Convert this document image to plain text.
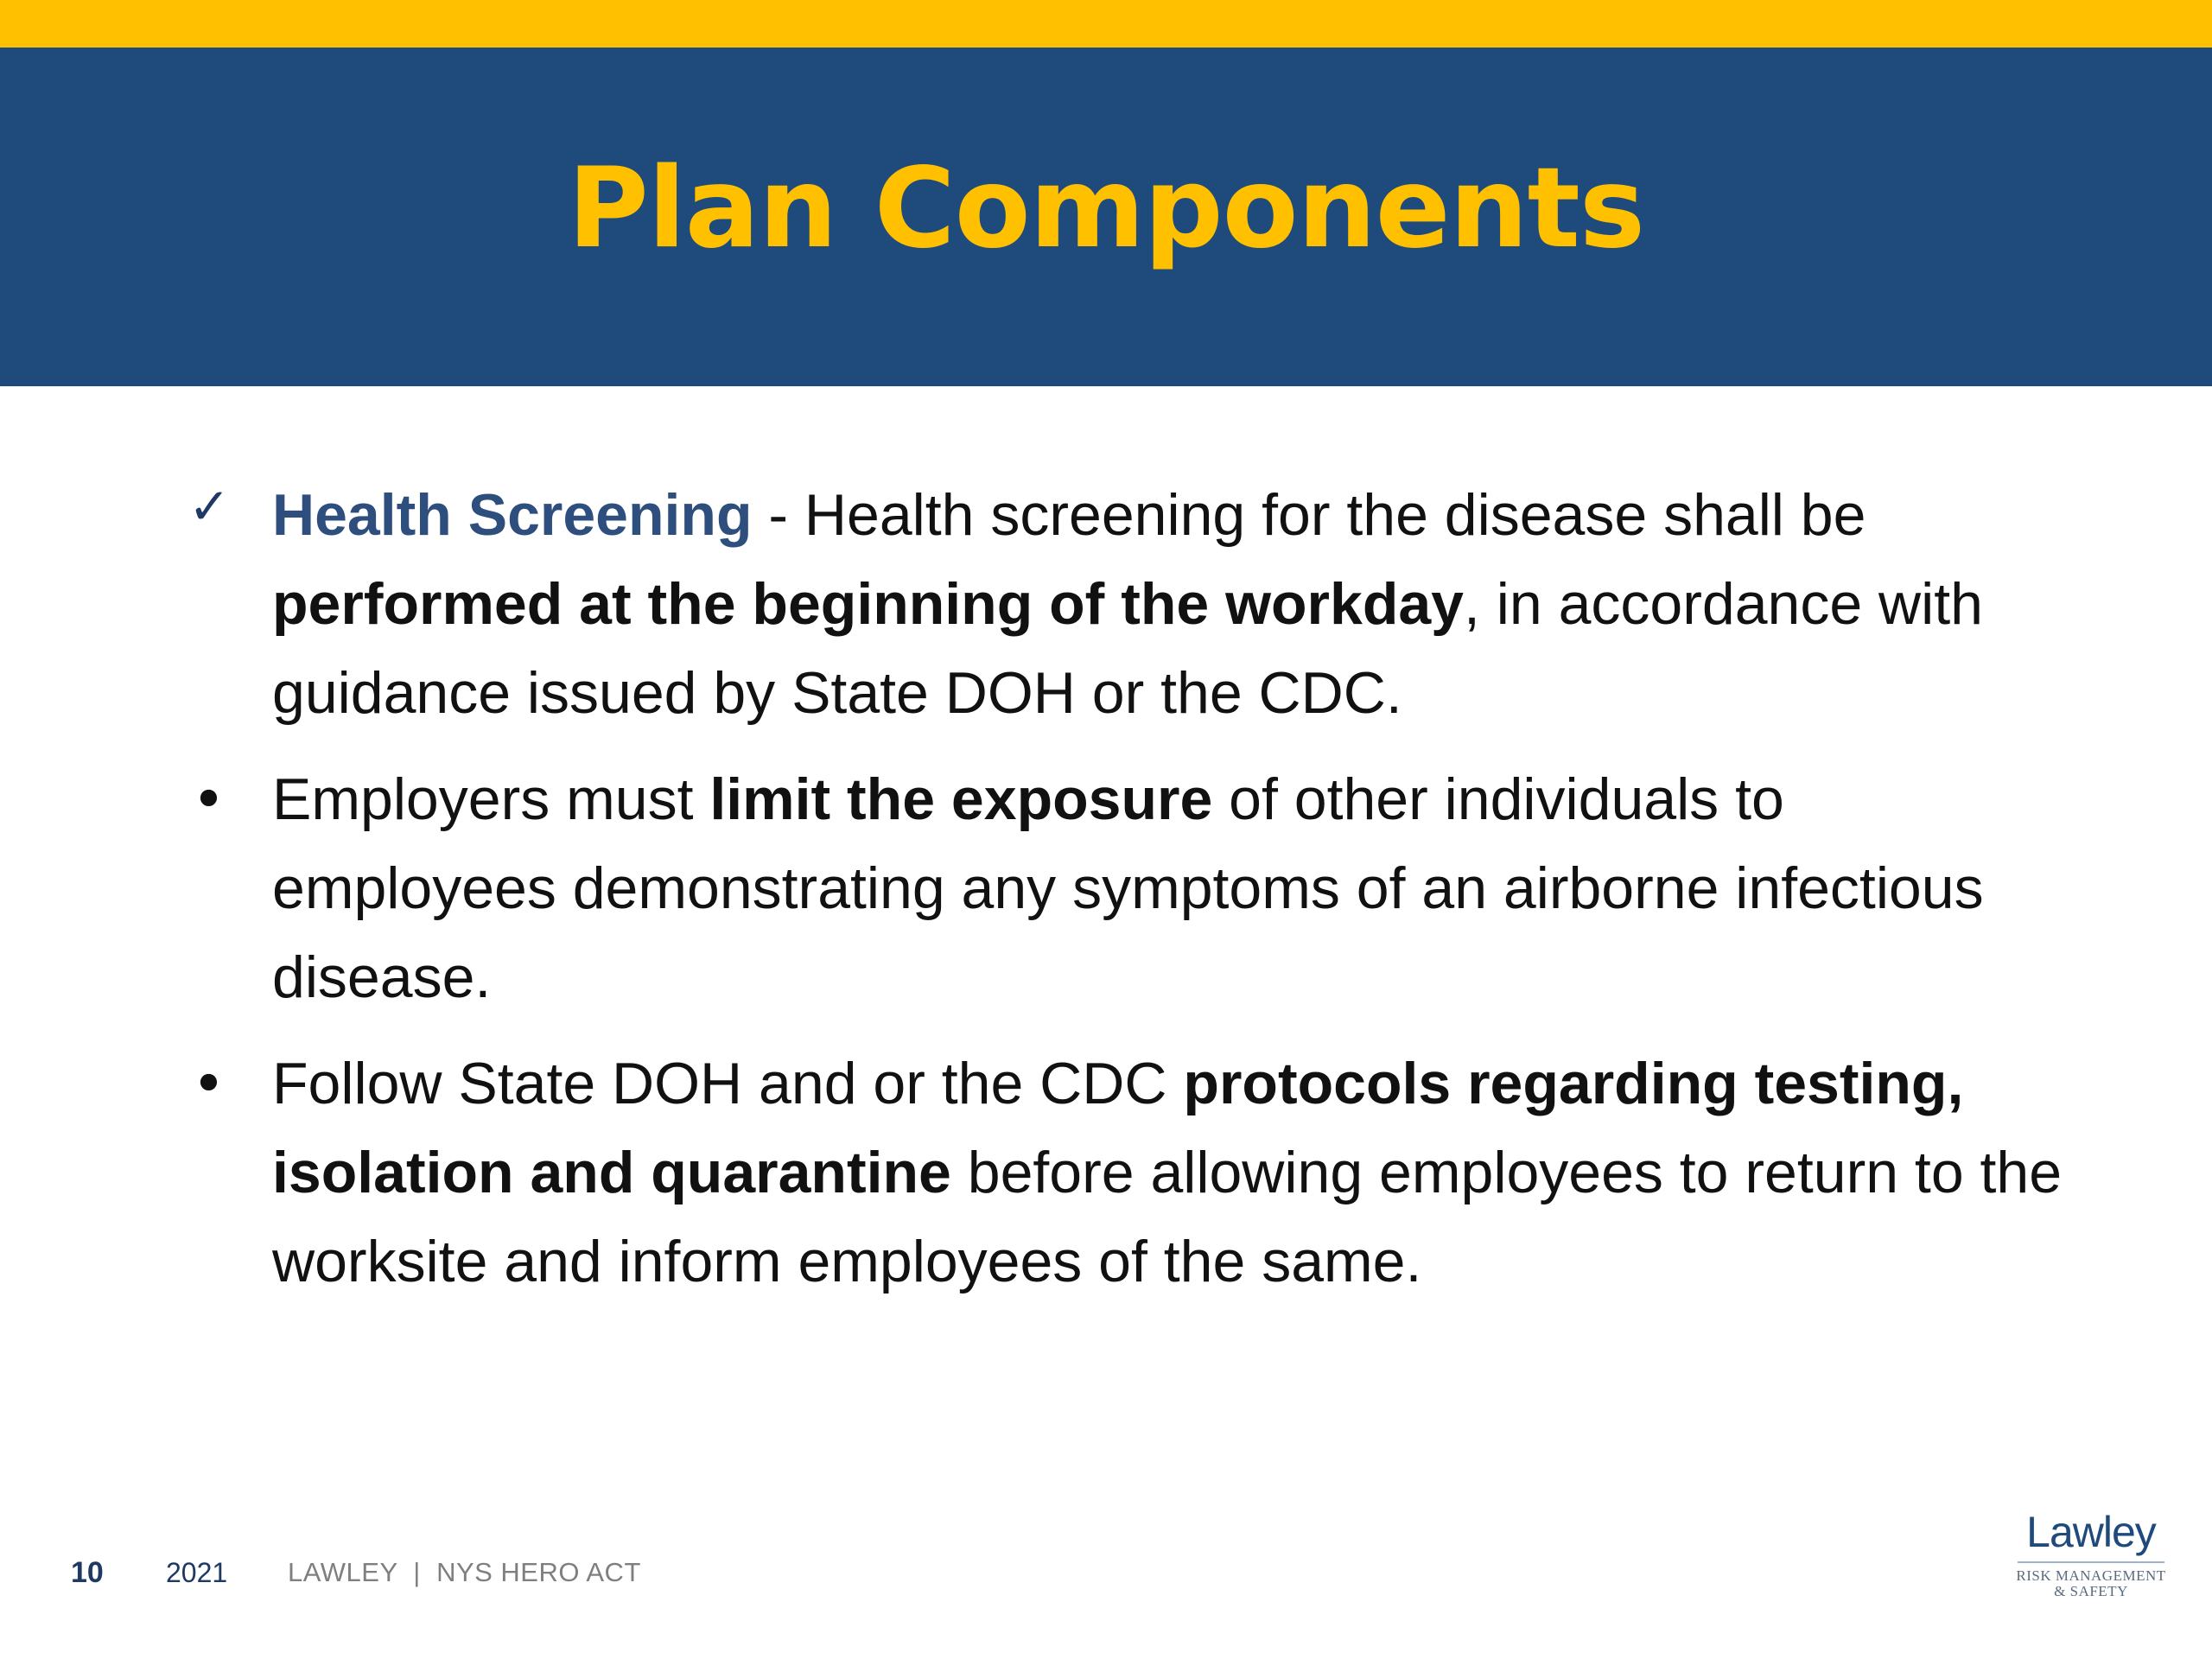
Plan Components
✓ Health Screening - Health screening for the disease shall be performed at the beginning of the workday, in accordance with guidance issued by State DOH or the CDC.
• Employers must limit the exposure of other individuals to employees demonstrating any symptoms of an airborne infectious disease.
• Follow State DOH and or the CDC protocols regarding testing, isolation and quarantine before allowing employees to return to the worksite and inform employees of the same.
10 2021 LAWLEY  |  NYS HERO ACT
Lawley
RISK MANAGEMENT
& SAFETY
